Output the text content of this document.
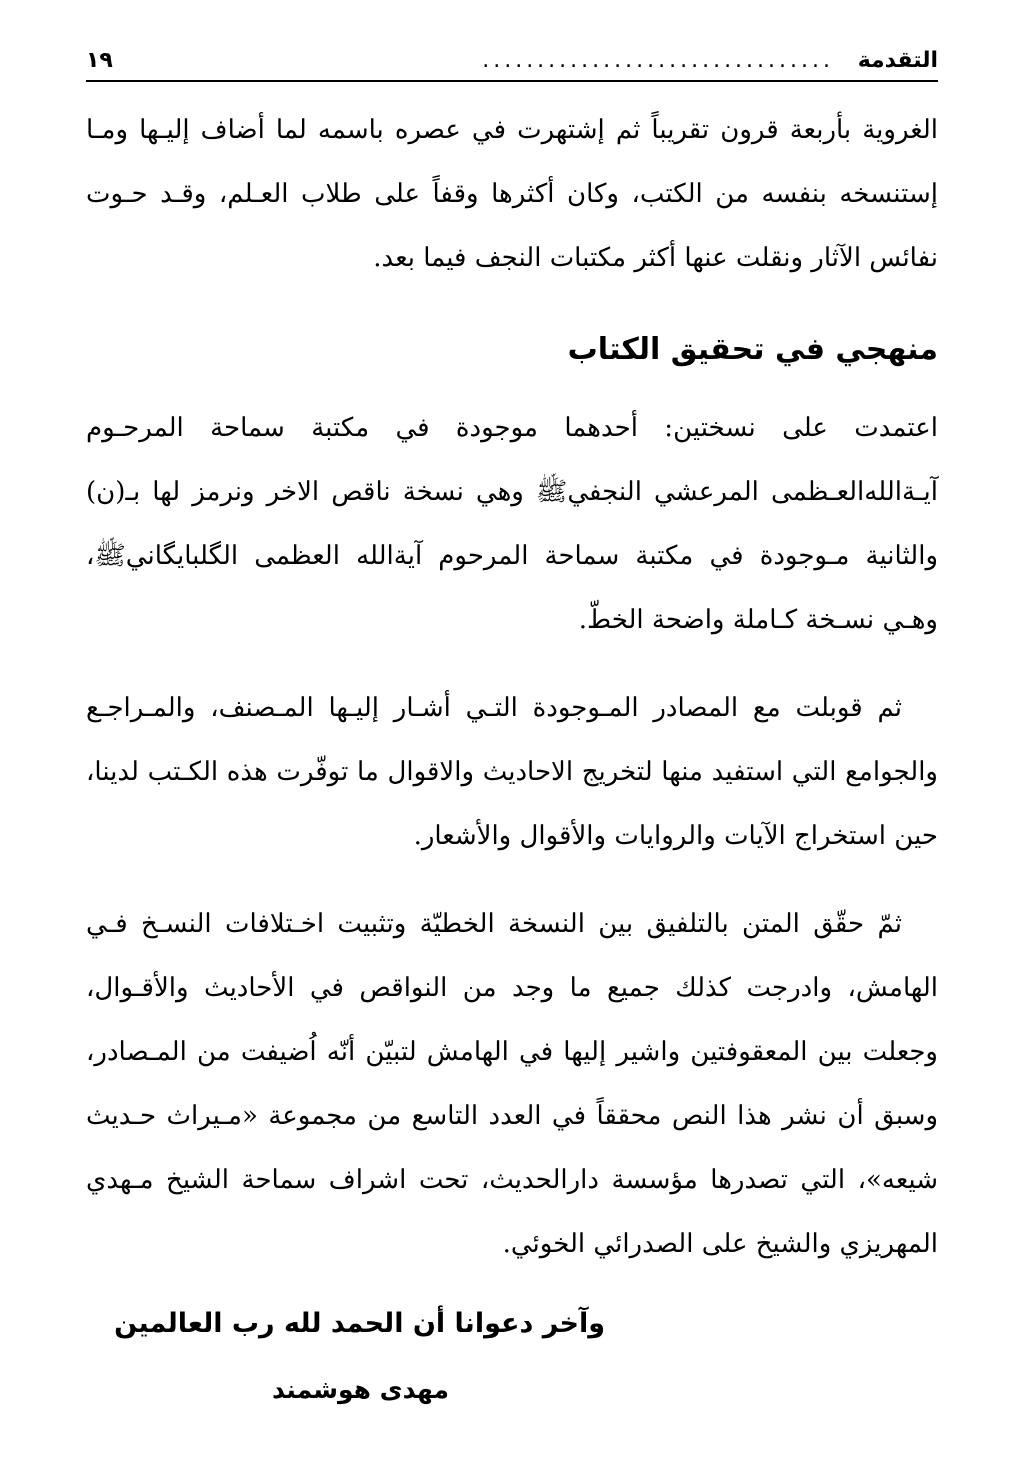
التقدمة
................................
١٩

الغروية بأربعة قرون تقريباً ثم إشتهرت في عصره باسمه لما أضاف إليـها ومـا إستنسخه بنفسه من الكتب، وكان أكثرها وقفاً على طلاب العـلم، وقـد حـوت نفائس الآثار ونقلت عنها أكثر مكتبات النجف فيما بعد.

منهجي في تحقيق الكتاب

اعتمدت على نسختين: أحدهما موجودة في مكتبة سماحة المرحـوم آيـةالله‌العـظمى المرعشي النجفي‌ﷺ وهي نسخة ناقص الاخر ونرمز لها بـ(ن) والثانية مـوجودة في مكتبة سماحة المرحوم آيةالله العظمى الگلبايگاني‌ﷺ، وهـي نسـخة كـاملة واضحة الخطّ.

ثم قوبلت مع المصادر المـوجودة التـي أشـار إليـها المـصنف، والمـراجـع والجوامع التي استفيد منها لتخريج الاحاديث والاقوال ما توفّرت هذه الكـتب لدينا، حين استخراج الآيات والروايات والأقوال والأشعار.

ثمّ حقّق المتن بالتلفيق بين النسخة الخطيّة وتثبيت اخـتلافات النسـخ فـي الهامش، وادرجت كذلك جميع ما وجد من النواقص في الأحاديث والأقـوال، وجعلت بين المعقوفتين واشير إليها في الهامش لتبيّن أنّه اُضيفت من المـصادر، وسبق أن نشر هذا النص محققاً في العدد التاسع من مجموعة «مـيراث حـديث شيعه»، التي تصدرها مؤسسة دارالحديث، تحت اشراف سماحة الشيخ مـهدي المهريزي والشيخ على الصدرائي الخوئي.

وآخر دعوانا أن الحمد لله رب العالمين

مهدی هوشمند
